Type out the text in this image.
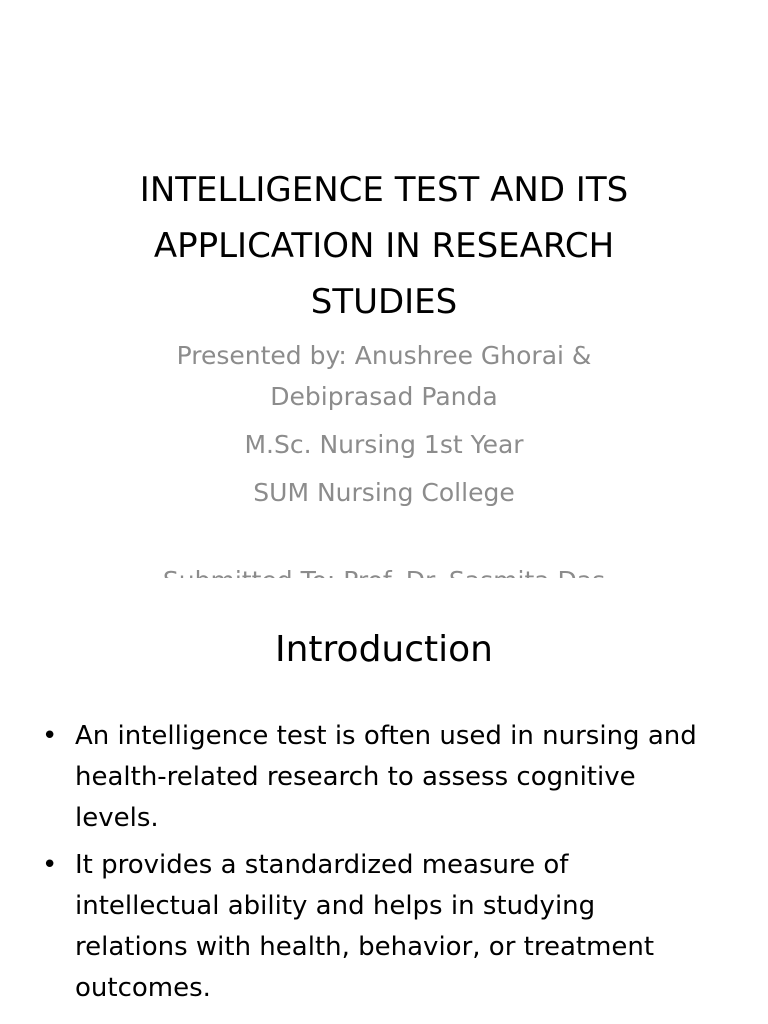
INTELLIGENCE TEST AND ITS
APPLICATION IN RESEARCH
STUDIES
Presented by: Anushree Ghorai &
Debiprasad Panda
M.Sc. Nursing 1st Year
SUM Nursing College
Introduction
• An intelligence test is often used in nursing and health-related research to assess cognitive levels.
• It provides a standardized measure of intellectual ability and helps in studying relations with health, behavior, or treatment outcomes.
